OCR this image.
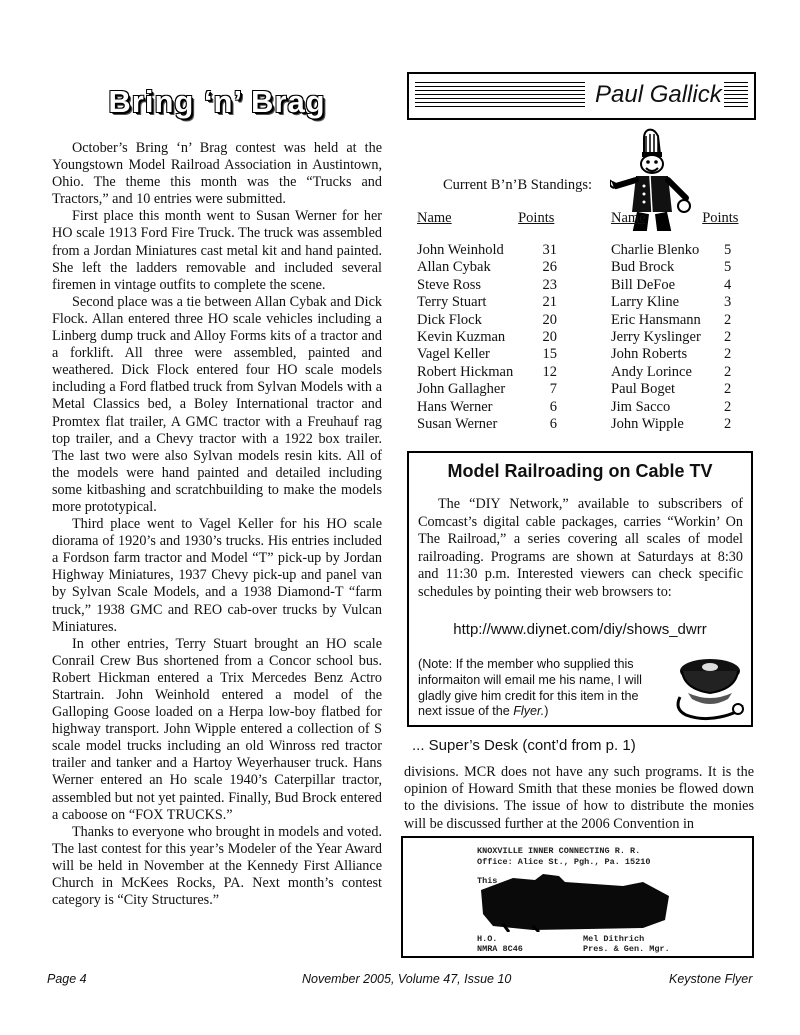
Bring ‘n’ Brag

October’s Bring ‘n’ Brag contest was held at the Youngstown Model Railroad Association in Austintown, Ohio. The theme this month was the “Trucks and Tractors,” and 10 entries were submitted.

First place this month went to Susan Werner for her HO scale 1913 Ford Fire Truck. The truck was assembled from a Jordan Miniatures cast metal kit and hand painted. She left the ladders removable and included several firemen in vintage outfits to complete the scene.

Second place was a tie between Allan Cybak and Dick Flock. Allan entered three HO scale vehicles including a Linberg dump truck and Alloy Forms kits of a tractor and a forklift. All three were assembled, painted and weathered. Dick Flock entered four HO scale models including a Ford flatbed truck from Sylvan Models with a Metal Classics bed, a Boley International tractor and Promtex flat trailer, A GMC tractor with a Freuhauf rag top trailer, and a Chevy tractor with a 1922 box trailer. The last two were also Sylvan models resin kits. All of the models were hand painted and detailed including some kitbashing and scratchbuilding to make the models more prototypical.

Third place went to Vagel Keller for his HO scale diorama of 1920’s and 1930’s trucks. His entries included a Fordson farm tractor and Model “T” pick-up by Jordan Highway Miniatures, 1937 Chevy pick-up and panel van by Sylvan Scale Models, and a 1938 Diamond-T “farm truck,” 1938 GMC and REO cab-over trucks by Vulcan Miniatures.

In other entries, Terry Stuart brought an HO scale Conrail Crew Bus shortened from a Concor school bus. Robert Hickman entered a Trix Mercedes Benz Actro Startrain. John Weinhold entered a model of the Galloping Goose loaded on a Herpa low-boy flatbed for highway transport. John Wipple entered a collection of S scale model trucks including an old Winross red tractor trailer and tanker and a Hartoy Weyerhauser truck. Hans Werner entered an Ho scale 1940’s Caterpillar tractor, assembled but not yet painted. Finally, Bud Brock entered a caboose on “FOX TRUCKS.”

Thanks to everyone who brought in models and voted. The last contest for this year’s Modeler of the Year Award will be held in November at the Kennedy First Alliance Church in McKees Rocks, PA. Next month’s contest category is “City Structures.”

Paul Gallick
Current B’n’B Standings:
Name	Points
John Weinhold	31
Allan Cybak	26
Steve Ross	23
Terry Stuart	21
Dick Flock	20
Kevin Kuzman	20
Vagel Keller	15
Robert Hickman	12
John Gallagher	7
Hans Werner	6
Susan Werner	6
Name	Points
Charlie Blenko	5
Bud Brock	5
Bill DeFoe	4
Larry Kline	3
Eric Hansmann	2
Jerry Kyslinger	2
John Roberts	2
Andy Lorince	2
Paul Boget	2
Jim Sacco	2
John Wipple	2
Model Railroading on Cable TV
The “DIY Network,” available to subscribers of Comcast’s digital cable packages, carries “Workin’ On The Railroad,” a series covering all scales of model railroading. Programs are shown at Saturdays at 8:30 and 11:30 p.m. Interested viewers can check specific schedules by pointing their web browsers to:
http://www.diynet.com/diy/shows_dwrr
(Note: If the member who supplied this informaiton will email me his name, I will gladly give him credit for this item in the next issue of the Flyer.)
... Super’s Desk (cont’d from p. 1)
divisions. MCR does not have any such programs. It is the opinion of Howard Smith that these monies be flowed down to the divisions. The issue of how to distribute the monies will be discussed further at the 2006 Convention in
KNOXVILLE INNER CONNECTING R. R.
Office: Alice St., Pgh., Pa. 15210
This
H.O.
NMRA 8C46
Mel Dithrich
Pres. & Gen. Mgr.
Page 4	November 2005, Volume 47, Issue 10	Keystone Flyer
